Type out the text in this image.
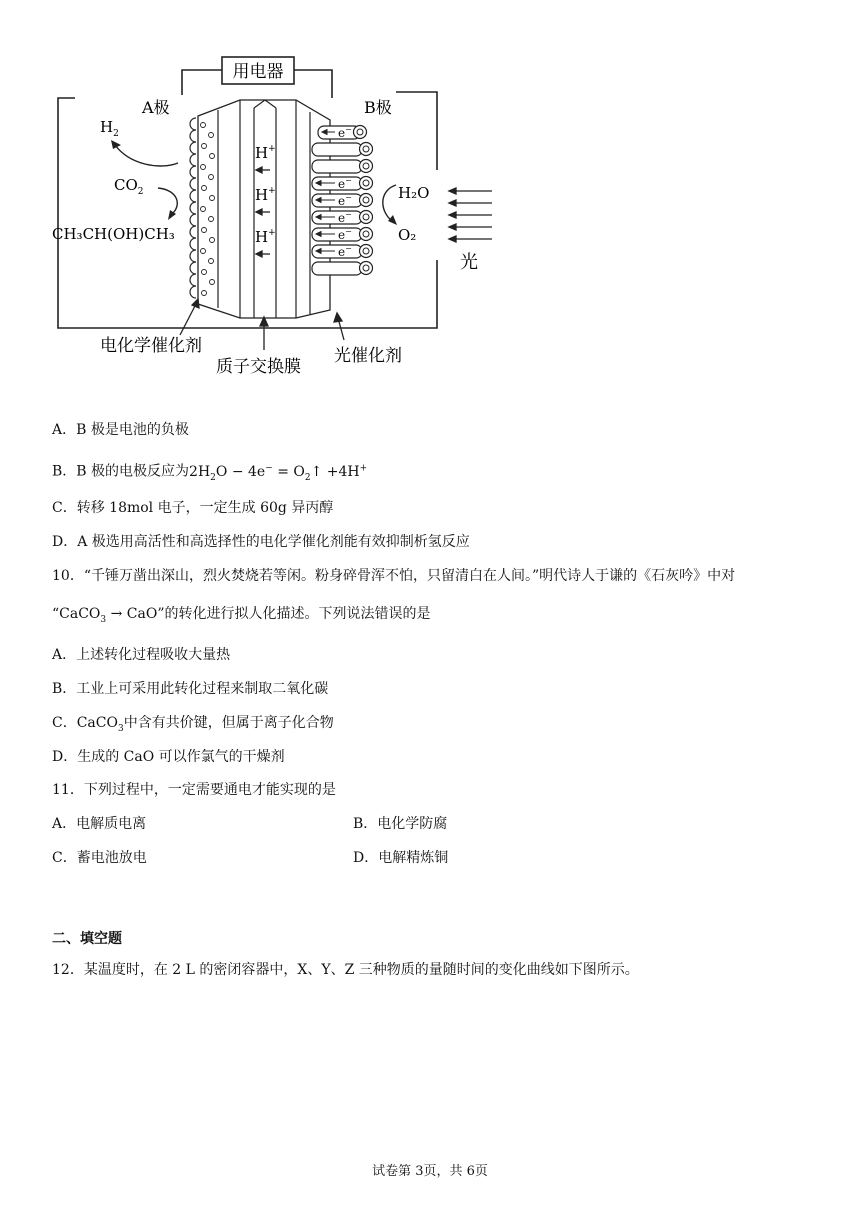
用电器
A极	B极
H+
H+
H+
e−
e−
e−
e−
e−
e−
$H_2$
$CO_2$
CH₃CH(OH)CH₃
H₂O
O₂
光
电化学催化剂
质子交换膜
光催化剂
A．B 极是电池的负极
B．B 极的电极反应为$2H_2O - 4e^-$ = $O_2↑ +4H^+$
C．转移 18mol 电子，一定生成 60g 异丙醇
D．A 极选用高活性和高选择性的电化学催化剂能有效抑制析氢反应
10．“千锤万凿出深山，烈火焚烧若等闲。粉身碎骨浑不怕，只留清白在人间。”明代诗人于谦的《石灰吟》中对
“CaCO$_3$ → CaO”的转化进行拟人化描述。下列说法错误的是
A．上述转化过程吸收大量热
B．工业上可采用此转化过程来制取二氧化碳
C．CaCO$_3$中含有共价键，但属于离子化合物
D．生成的 CaO 可以作氯气的干燥剂
11．下列过程中，一定需要通电才能实现的是
A．电解质电离	B．电化学防腐
C．蓄电池放电	D．电解精炼铜
二、填空题
12．某温度时，在 2 L 的密闭容器中，X、Y、Z 三种物质的量随时间的变化曲线如下图所示。
试卷第 3页，共 6页
